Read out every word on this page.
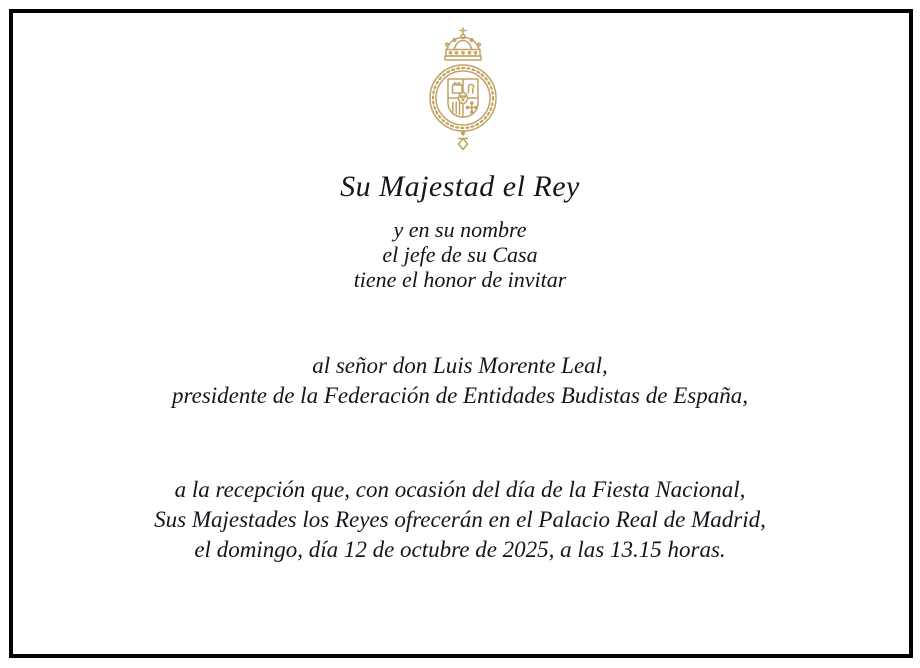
Su Majestad el Rey
y en su nombre
el jefe de su Casa
tiene el honor de invitar
al señor don Luis Morente Leal,
presidente de la Federación de Entidades Budistas de España,
a la recepción que, con ocasión del día de la Fiesta Nacional,
Sus Majestades los Reyes ofrecerán en el Palacio Real de Madrid,
el domingo, día 12 de octubre de 2025, a las 13.15 horas.
